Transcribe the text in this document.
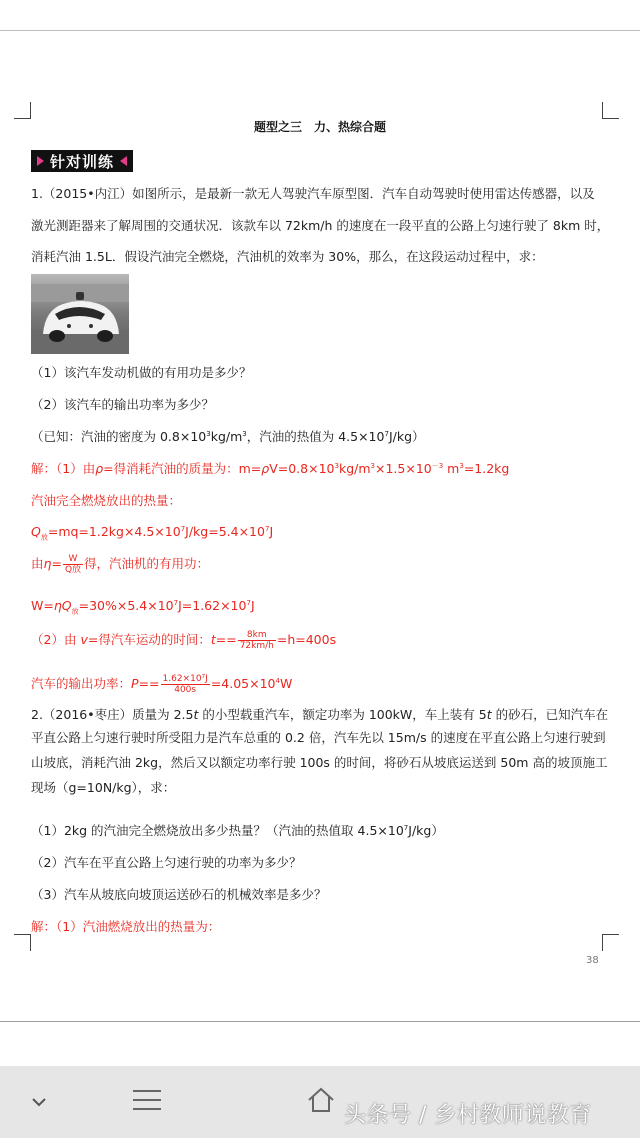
题型之三　力、热综合题
针对训练
1.（2015•内江）如图所示，是最新一款无人驾驶汽车原型图．汽车自动驾驶时使用雷达传感器，以及
激光测距器来了解周围的交通状况．该款车以 72km/h 的速度在一段平直的公路上匀速行驶了 8km 时，
消耗汽油 1.5L．假设汽油完全燃烧，汽油机的效率为 30%，那么，在这段运动过程中，求：
（1）该汽车发动机做的有用功是多少？
（2）该汽车的输出功率为多少？
（已知：汽油的密度为 $0.8\times 10^3kg/m^3$，汽油的热值为 $4.5\times 10^7J/kg$）
解：（1）由ρ=得消耗汽油的质量为：$m=\rho V=0.8\times 10^3kg/m^3\times 1.5\times 10^{-3}$ $m^3=1.2kg$
汽油完全燃烧放出的热量：
$Q_放=mq=1.2kg\times 4.5\times 10^7J/kg=5.4\times 10^7J$
由$\eta= \frac{W}{\text{Q放}}$ 得，汽油机的有用功：
$W=\eta Q_放=30\%\times 5.4\times 10^7J=1.62\times 10^7J$
（2）由 v=得汽车运动的时间：$t== \frac{8km}{72km/h} =h=400s$
汽车的输出功率：$P== \frac{\text{1.62×10⁷J}}{400s} =4.05\times 10^4W$
2.（2016•枣庄）质量为 2.5t 的小型载重汽车，额定功率为 100kW，车上装有 5t 的砂石，已知汽车在
平直公路上匀速行驶时所受阻力是汽车总重的 0.2 倍，汽车先以 15m/s 的速度在平直公路上匀速行驶到
山坡底，消耗汽油 2kg，然后又以额定功率行驶 100s 的时间，将砂石从坡底运送到 50m 高的坡顶施工
现场（g=10N/kg），求：
（1）2kg 的汽油完全燃烧放出多少热量？（汽油的热值取 $4.5\times 10^7J/kg$）
（2）汽车在平直公路上匀速行驶的功率为多少？
（3）汽车从坡底向坡顶运送砂石的机械效率是多少？
解：（1）汽油燃烧放出的热量为：
38
头条号 / 乡村教师说教育
